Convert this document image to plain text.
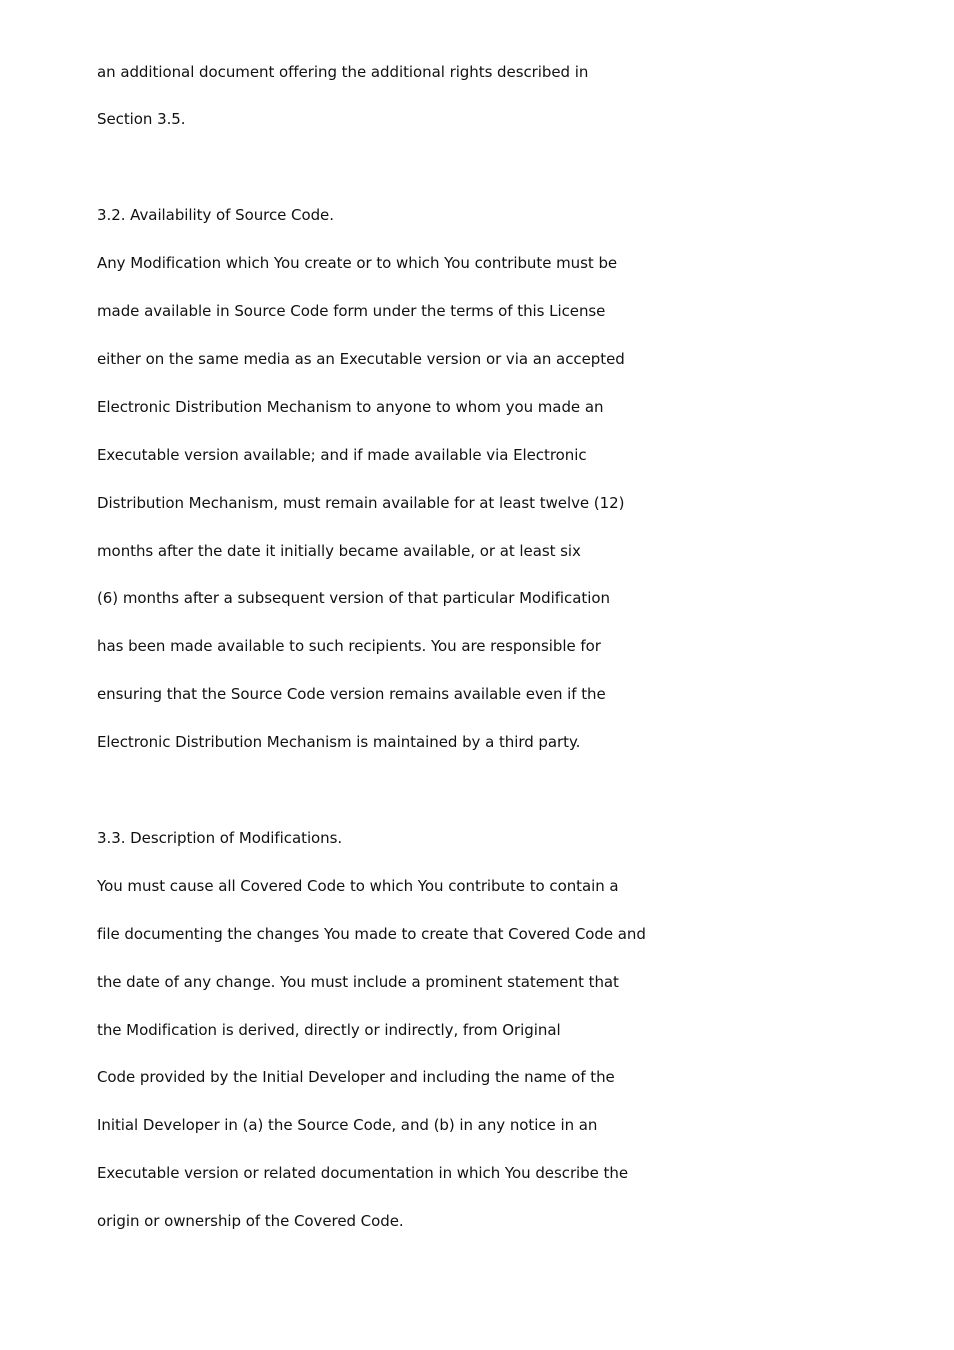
an additional document offering the additional rights described in
Section 3.5.
3.2. Availability of Source Code.
Any Modification which You create or to which You contribute must be
made available in Source Code form under the terms of this License
either on the same media as an Executable version or via an accepted
Electronic Distribution Mechanism to anyone to whom you made an
Executable version available; and if made available via Electronic
Distribution Mechanism, must remain available for at least twelve (12)
months after the date it initially became available, or at least six
(6) months after a subsequent version of that particular Modification
has been made available to such recipients. You are responsible for
ensuring that the Source Code version remains available even if the
Electronic Distribution Mechanism is maintained by a third party.
3.3. Description of Modifications.
You must cause all Covered Code to which You contribute to contain a
file documenting the changes You made to create that Covered Code and
the date of any change. You must include a prominent statement that
the Modification is derived, directly or indirectly, from Original
Code provided by the Initial Developer and including the name of the
Initial Developer in (a) the Source Code, and (b) in any notice in an
Executable version or related documentation in which You describe the
origin or ownership of the Covered Code.
